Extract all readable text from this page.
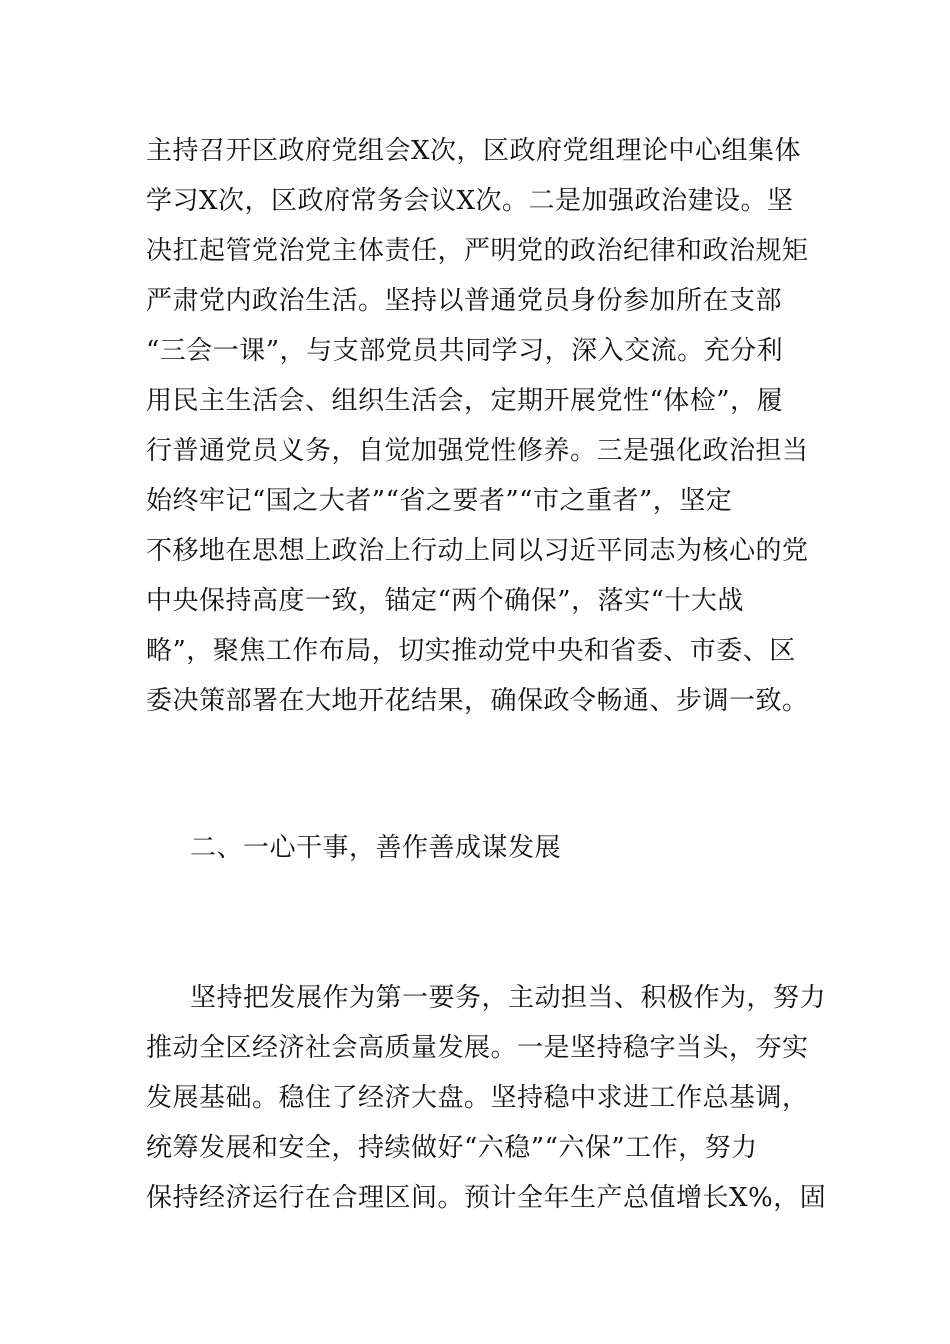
主持召开区政府党组会X次，区政府党组理论中心组集体
学习X次，区政府常务会议X次。二是加强政治建设。坚
决扛起管党治党主体责任，严明党的政治纪律和政治规矩
严肃党内政治生活。坚持以普通党员身份参加所在支部
“三会一课”，与支部党员共同学习，深入交流。充分利
用民主生活会、组织生活会，定期开展党性“体检”，履
行普通党员义务，自觉加强党性修养。三是强化政治担当
始终牢记“国之大者”“省之要者”“市之重者”，坚定
不移地在思想上政治上行动上同以习近平同志为核心的党
中央保持高度一致，锚定“两个确保”，落实“十大战
略”，聚焦工作布局，切实推动党中央和省委、市委、区
委决策部署在大地开花结果，确保政令畅通、步调一致。
二、一心干事，善作善成谋发展
坚持把发展作为第一要务，主动担当、积极作为，努力
推动全区经济社会高质量发展。一是坚持稳字当头，夯实
发展基础。稳住了经济大盘。坚持稳中求进工作总基调，
统筹发展和安全，持续做好“六稳”“六保”工作，努力
保持经济运行在合理区间。预计全年生产总值增长X%，固
